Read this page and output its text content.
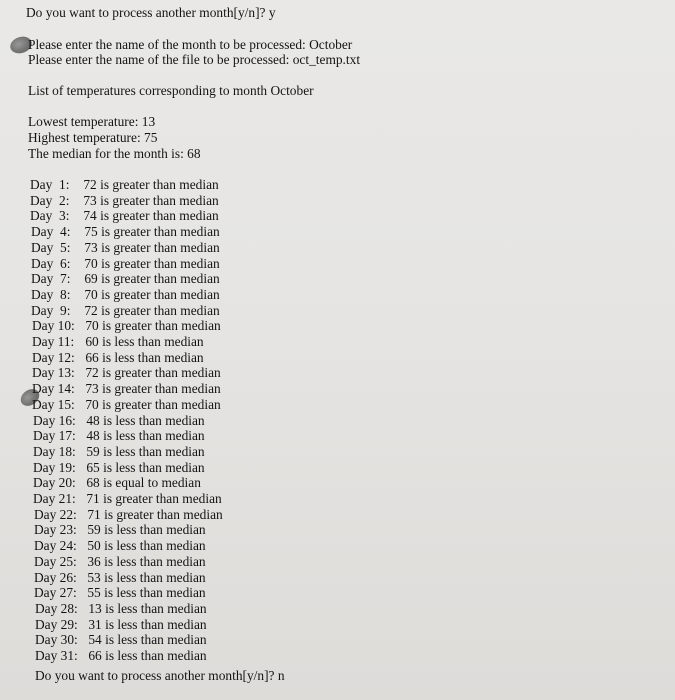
Do you want to process another month[y/n]? y
Please enter the name of the month to be processed: October
Please enter the name of the file to be processed: oct_temp.txt
List of temperatures corresponding to month October
Lowest temperature: 13
Highest temperature: 75
The median for the month is: 68
Day  1: 72 is greater than median
Day  2: 73 is greater than median
Day  3: 74 is greater than median
Day  4: 75 is greater than median
Day  5: 73 is greater than median
Day  6: 70 is greater than median
Day  7: 69 is greater than median
Day  8: 70 is greater than median
Day  9: 72 is greater than median
Day 10: 70 is greater than median
Day 11: 60 is less than median
Day 12: 66 is less than median
Day 13: 72 is greater than median
Day 14: 73 is greater than median
Day 15: 70 is greater than median
Day 16: 48 is less than median
Day 17: 48 is less than median
Day 18: 59 is less than median
Day 19: 65 is less than median
Day 20: 68 is equal to median
Day 21: 71 is greater than median
Day 22: 71 is greater than median
Day 23: 59 is less than median
Day 24: 50 is less than median
Day 25: 36 is less than median
Day 26: 53 is less than median
Day 27: 55 is less than median
Day 28: 13 is less than median
Day 29: 31 is less than median
Day 30: 54 is less than median
Day 31: 66 is less than median
Do you want to process another month[y/n]? n
